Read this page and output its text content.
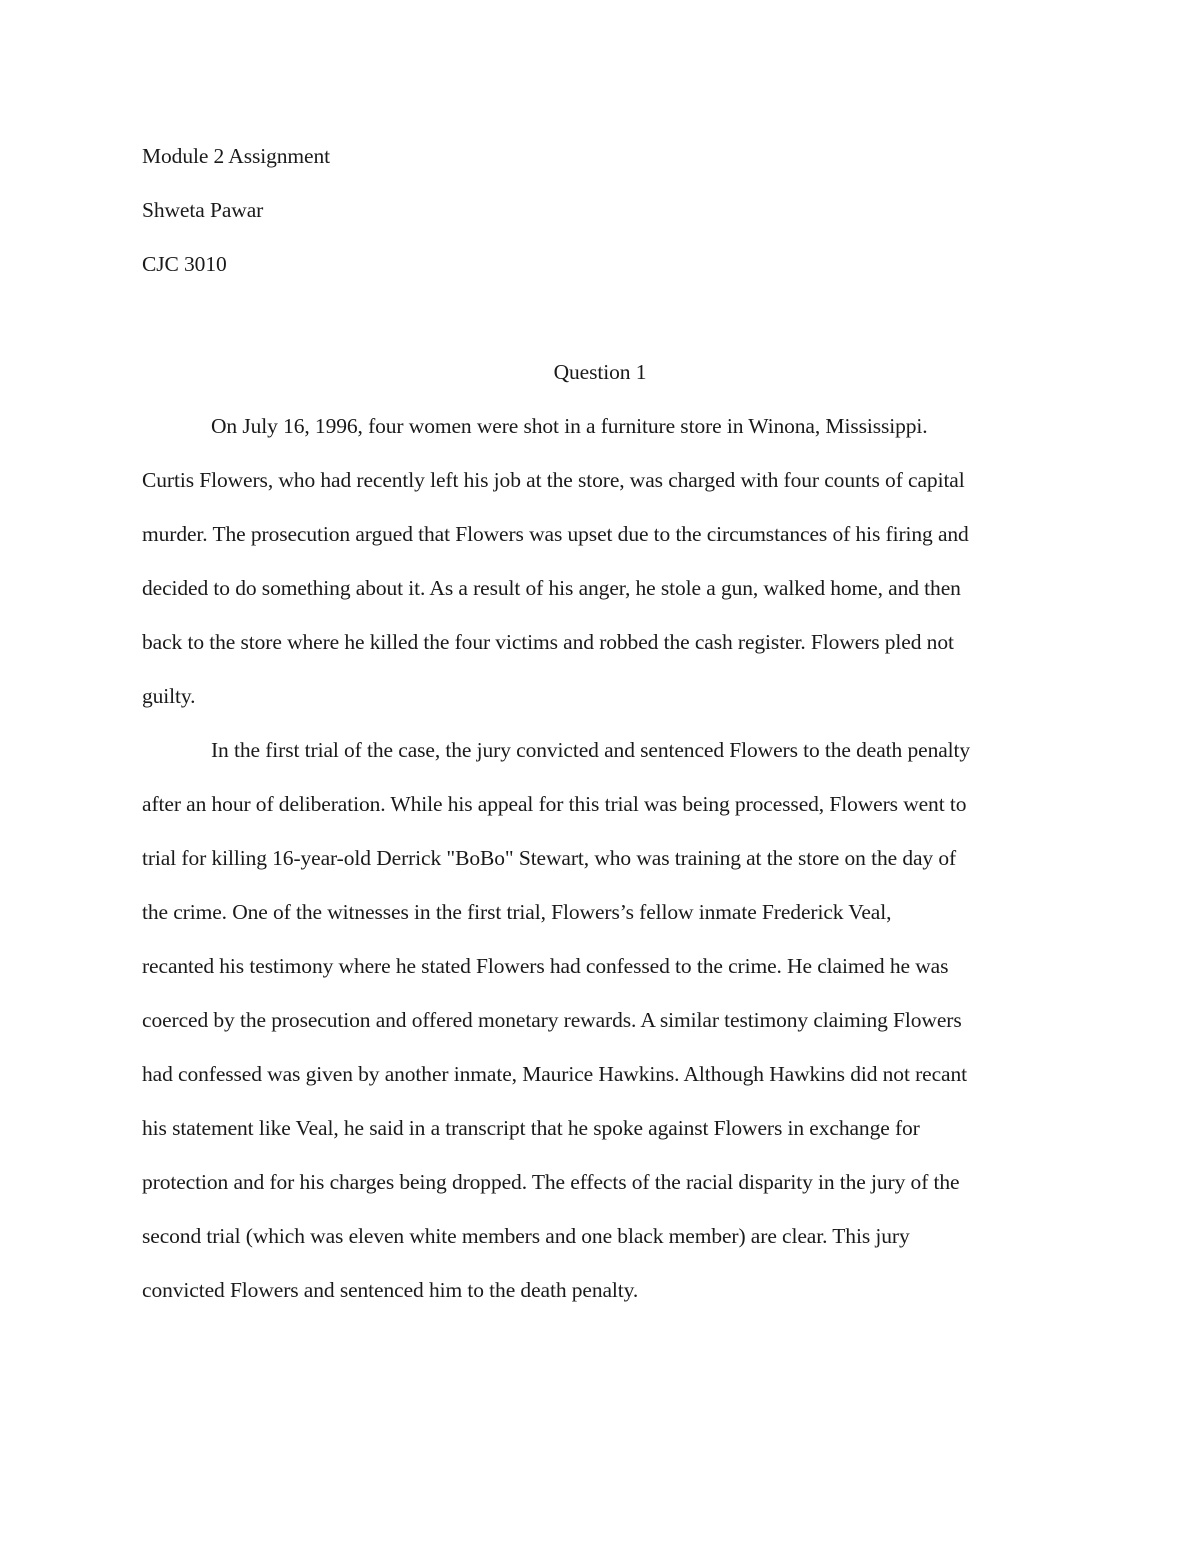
Module 2 Assignment
Shweta Pawar
CJC 3010
Question 1
On July 16, 1996, four women were shot in a furniture store in Winona, Mississippi.
Curtis Flowers, who had recently left his job at the store, was charged with four counts of capital
murder. The prosecution argued that Flowers was upset due to the circumstances of his firing and
decided to do something about it. As a result of his anger, he stole a gun, walked home, and then
back to the store where he killed the four victims and robbed the cash register. Flowers pled not
guilty.
In the first trial of the case, the jury convicted and sentenced Flowers to the death penalty
after an hour of deliberation. While his appeal for this trial was being processed, Flowers went to
trial for killing 16-year-old Derrick "BoBo" Stewart, who was training at the store on the day of
the crime. One of the witnesses in the first trial, Flowers’s fellow inmate Frederick Veal,
recanted his testimony where he stated Flowers had confessed to the crime. He claimed he was
coerced by the prosecution and offered monetary rewards. A similar testimony claiming Flowers
had confessed was given by another inmate, Maurice Hawkins. Although Hawkins did not recant
his statement like Veal, he said in a transcript that he spoke against Flowers in exchange for
protection and for his charges being dropped. The effects of the racial disparity in the jury of the
second trial (which was eleven white members and one black member) are clear. This jury
convicted Flowers and sentenced him to the death penalty.
